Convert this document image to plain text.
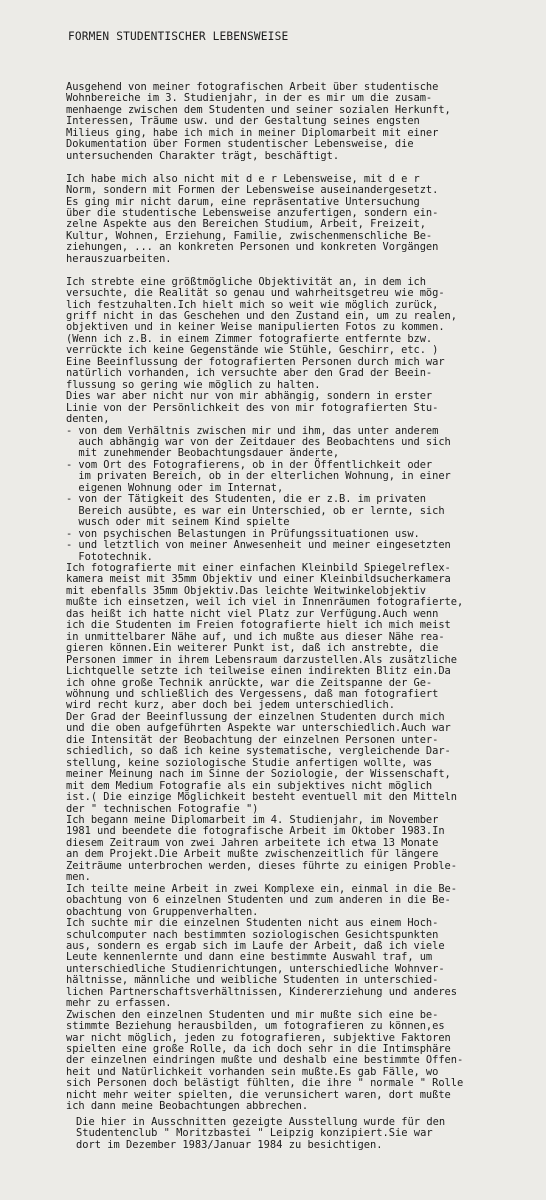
FORMEN STUDENTISCHER LEBENSWEISE
Ausgehend von meiner fotografischen Arbeit über studentische
Wohnbereiche im 3. Studienjahr, in der es mir um die zusam-
menhaenge zwischen dem Studenten und seiner sozialen Herkunft,
Interessen, Träume usw. und der Gestaltung seines engsten
Milieus ging, habe ich mich in meiner Diplomarbeit mit einer
Dokumentation über Formen studentischer Lebensweise, die
untersuchenden Charakter trägt, beschäftigt.
Ich habe mich also nicht mit d e r Lebensweise, mit d e r
Norm, sondern mit Formen der Lebensweise auseinandergesetzt.
Es ging mir nicht darum, eine repräsentative Untersuchung
über die studentische Lebensweise anzufertigen, sondern ein-
zelne Aspekte aus den Bereichen Studium, Arbeit, Freizeit,
Kultur, Wohnen, Erziehung, Familie, zwischenmenschliche Be-
ziehungen, ... an konkreten Personen und konkreten Vorgängen
herauszuarbeiten.
Ich strebte eine größtmögliche Objektivität an, in dem ich
versuchte, die Realität so genau und wahrheitsgetreu wie mög-
lich festzuhalten.Ich hielt mich so weit wie möglich zurück,
griff nicht in das Geschehen und den Zustand ein, um zu realen,
objektiven und in keiner Weise manipulierten Fotos zu kommen.
(Wenn ich z.B. in einem Zimmer fotografierte entfernte bzw.
verrückte ich keine Gegenstände wie Stühle, Geschirr, etc. )
Eine Beeinflussung der fotografierten Personen durch mich war
natürlich vorhanden, ich versuchte aber den Grad der Beein-
flussung so gering wie möglich zu halten.
Dies war aber nicht nur von mir abhängig, sondern in erster
Linie von der Persönlichkeit des von mir fotografierten Stu-
denten,
- von dem Verhältnis zwischen mir und ihm, das unter anderem
auch abhängig war von der Zeitdauer des Beobachtens und sich
mit zunehmender Beobachtungsdauer änderte,
- vom Ort des Fotografierens, ob in der Öffentlichkeit oder
im privaten Bereich, ob in der elterlichen Wohnung, in einer
eigenen Wohnung oder im Internat,
- von der Tätigkeit des Studenten, die er z.B. im privaten
Bereich ausübte, es war ein Unterschied, ob er lernte, sich
wusch oder mit seinem Kind spielte
- von psychischen Belastungen in Prüfungssituationen usw.
- und letztlich von meiner Anwesenheit und meiner eingesetzten
Fototechnik.
Ich fotografierte mit einer einfachen Kleinbild Spiegelreflex-
kamera meist mit 35mm Objektiv und einer Kleinbildsucherkamera
mit ebenfalls 35mm Objektiv.Das leichte Weitwinkelobjektiv
mußte ich einsetzen, weil ich viel in Innenräumen fotografierte,
das heißt ich hatte nicht viel Platz zur Verfügung.Auch wenn
ich die Studenten im Freien fotografierte hielt ich mich meist
in unmittelbarer Nähe auf, und ich mußte aus dieser Nähe rea-
gieren können.Ein weiterer Punkt ist, daß ich anstrebte, die
Personen immer in ihrem Lebensraum darzustellen.Als zusätzliche
Lichtquelle setzte ich teilweise einen indirekten Blitz ein.Da
ich ohne große Technik anrückte, war die Zeitspanne der Ge-
wöhnung und schließlich des Vergessens, daß man fotografiert
wird recht kurz, aber doch bei jedem unterschiedlich.
Der Grad der Beeinflussung der einzelnen Studenten durch mich
und die oben aufgeführten Aspekte war unterschiedlich.Auch war
die Intensität der Beobachtung der einzelnen Personen unter-
schiedlich, so daß ich keine systematische, vergleichende Dar-
stellung, keine soziologische Studie anfertigen wollte, was
meiner Meinung nach im Sinne der Soziologie, der Wissenschaft,
mit dem Medium Fotografie als ein subjektives nicht möglich
ist.( Die einzige Möglichkeit besteht eventuell mit den Mitteln
der " technischen Fotografie ")
Ich begann meine Diplomarbeit im 4. Studienjahr, im November
1981 und beendete die fotografische Arbeit im Oktober 1983.In
diesem Zeitraum von zwei Jahren arbeitete ich etwa 13 Monate
an dem Projekt.Die Arbeit mußte zwischenzeitlich für längere
Zeiträume unterbrochen werden, dieses führte zu einigen Proble-
men.
Ich teilte meine Arbeit in zwei Komplexe ein, einmal in die Be-
obachtung von 6 einzelnen Studenten und zum anderen in die Be-
obachtung von Gruppenverhalten.
Ich suchte mir die einzelnen Studenten nicht aus einem Hoch-
schulcomputer nach bestimmten soziologischen Gesichtspunkten
aus, sondern es ergab sich im Laufe der Arbeit, daß ich viele
Leute kennenlernte und dann eine bestimmte Auswahl traf, um
unterschiedliche Studienrichtungen, unterschiedliche Wohnver-
hältnisse, männliche und weibliche Studenten in unterschied-
lichen Partnerschaftsverhältnissen, Kindererziehung und anderes
mehr zu erfassen.
Zwischen den einzelnen Studenten und mir mußte sich eine be-
stimmte Beziehung herausbilden, um fotografieren zu können,es
war nicht möglich, jeden zu fotografieren, subjektive Faktoren
spielten eine große Rolle, da ich doch sehr in die Intimsphäre
der einzelnen eindringen mußte und deshalb eine bestimmte Offen-
heit und Natürlichkeit vorhanden sein mußte.Es gab Fälle, wo
sich Personen doch belästigt fühlten, die ihre " normale " Rolle
nicht mehr weiter spielten, die verunsichert waren, dort mußte
ich dann meine Beobachtungen abbrechen.
Die hier in Ausschnitten gezeigte Ausstellung wurde für den
Studentenclub " Moritzbastei " Leipzig konzipiert.Sie war
dort im Dezember 1983/Januar 1984 zu besichtigen.
